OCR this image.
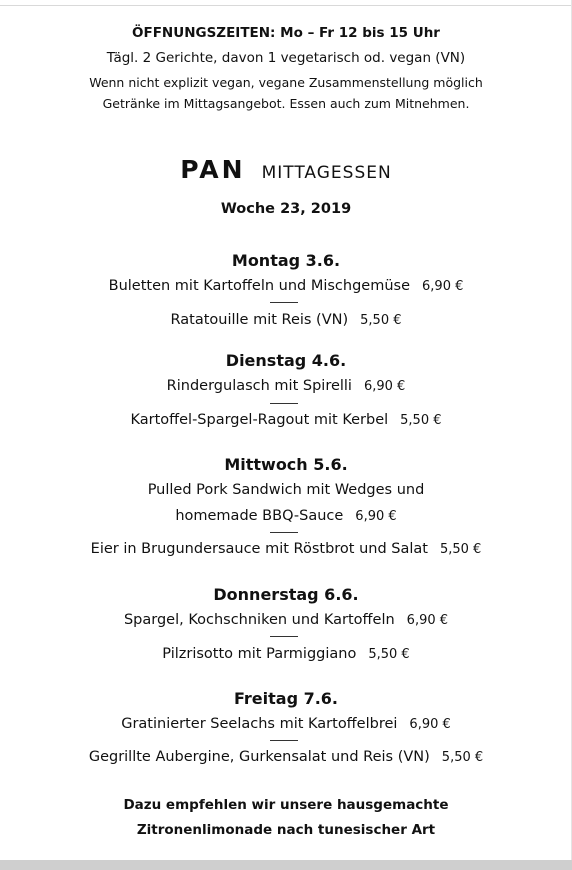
ÖFFNUNGSZEITEN: Mo – Fr 12 bis 15 Uhr
Tägl. 2 Gerichte, davon 1 vegetarisch od. vegan (VN)
Wenn nicht explizit vegan, vegane Zusammenstellung möglich
Getränke im Mittagsangebot. Essen auch zum Mitnehmen.
PAN MITTAGESSEN
Woche 23, 2019
Montag 3.6.
Buletten mit Kartoffeln und Mischgemüse 6,90 €
Ratatouille mit Reis (VN) 5,50 €
Dienstag 4.6.
Rindergulasch mit Spirelli 6,90 €
Kartoffel-Spargel-Ragout mit Kerbel 5,50 €
Mittwoch 5.6.
Pulled Pork Sandwich mit Wedges und
homemade BBQ-Sauce 6,90 €
Eier in Brugundersauce mit Röstbrot und Salat 5,50 €
Donnerstag 6.6.
Spargel, Kochschniken und Kartoffeln 6,90 €
Pilzrisotto mit Parmiggiano 5,50 €
Freitag 7.6.
Gratinierter Seelachs mit Kartoffelbrei 6,90 €
Gegrillte Aubergine, Gurkensalat und Reis (VN) 5,50 €
Dazu empfehlen wir unsere hausgemachte
Zitronenlimonade nach tunesischer Art
